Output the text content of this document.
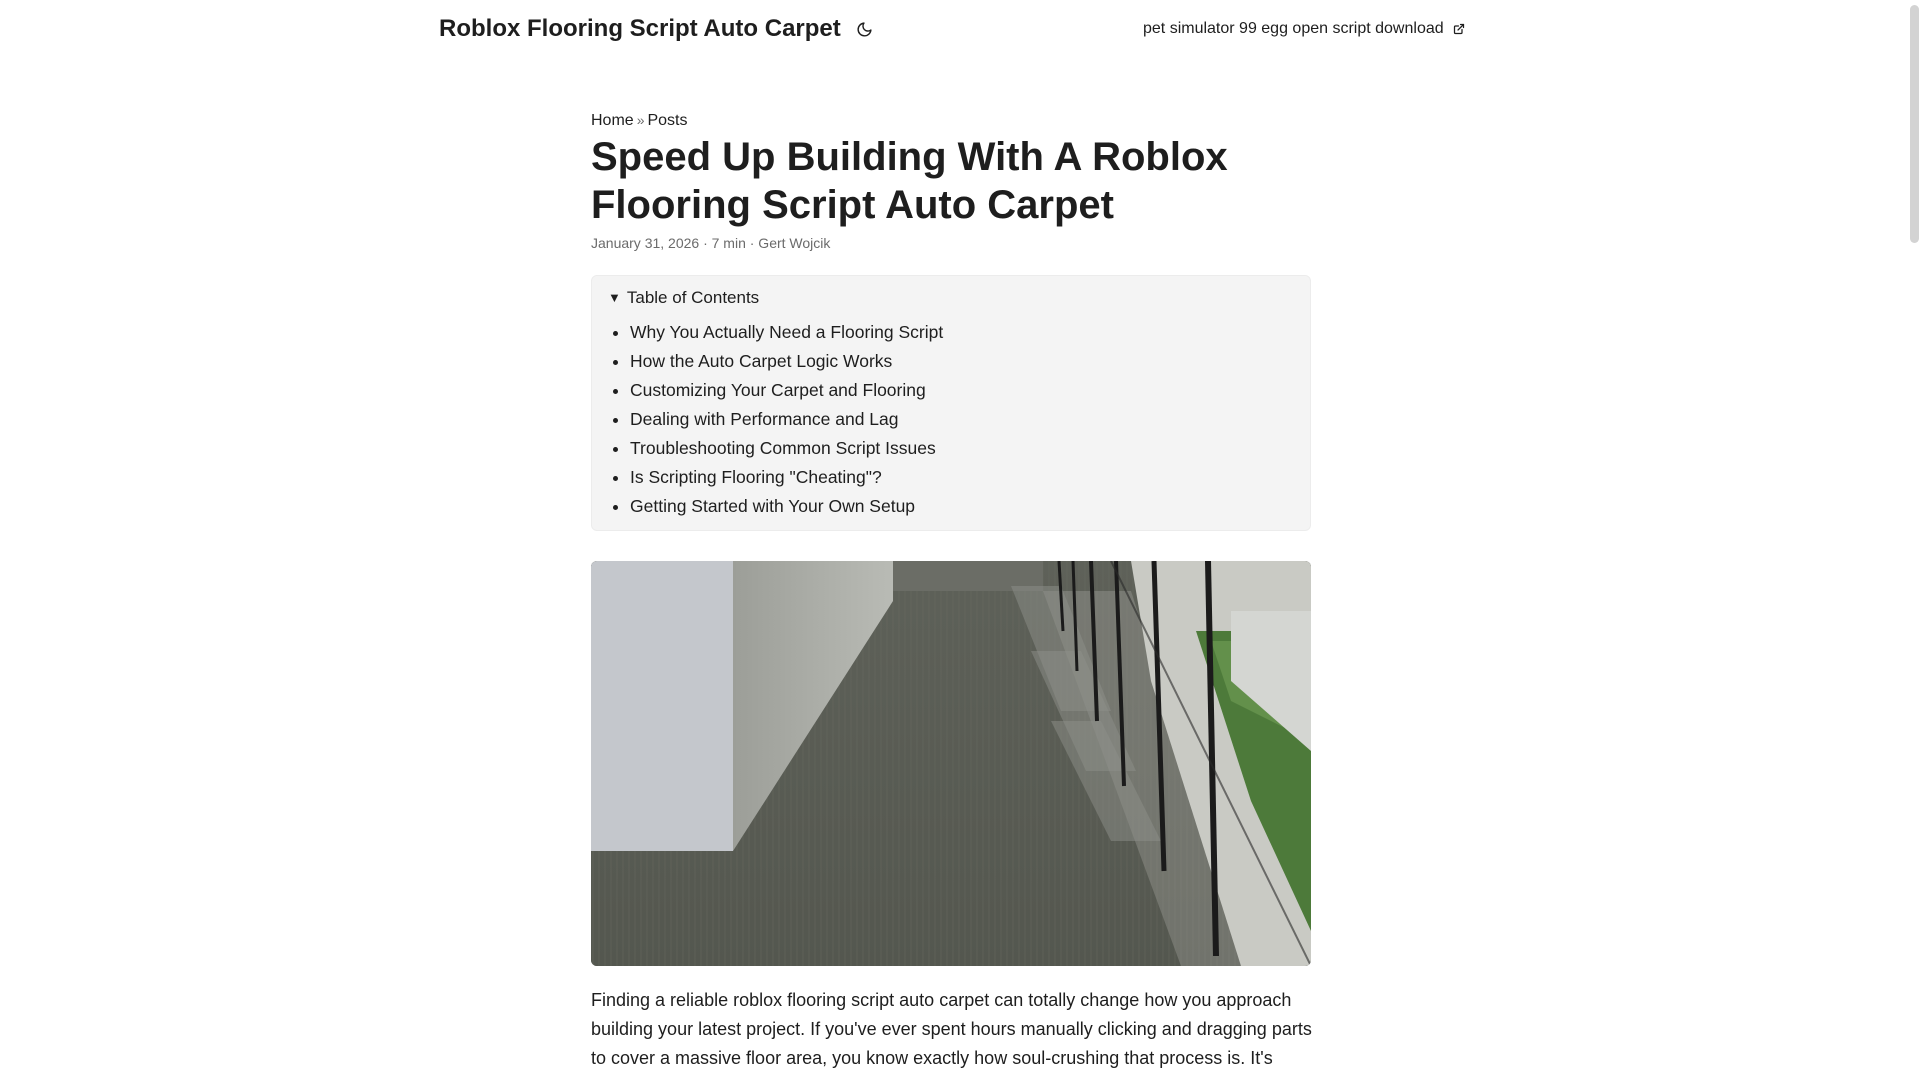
Roblox Flooring Script Auto Carpet	pet simulator 99 egg open script download
Home » Posts
Speed Up Building With A Roblox Flooring Script Auto Carpet
January 31, 2026 · 7 min · Gert Wojcik
▼ Table of Contents
Why You Actually Need a Flooring Script
How the Auto Carpet Logic Works
Customizing Your Carpet and Flooring
Dealing with Performance and Lag
Troubleshooting Common Script Issues
Is Scripting Flooring "Cheating"?
Getting Started with Your Own Setup

Finding a reliable roblox flooring script auto carpet can totally change how you approach building your latest project. If you've ever spent hours manually clicking and dragging parts to cover a massive floor area, you know exactly how soul-crushing that process is. It's
